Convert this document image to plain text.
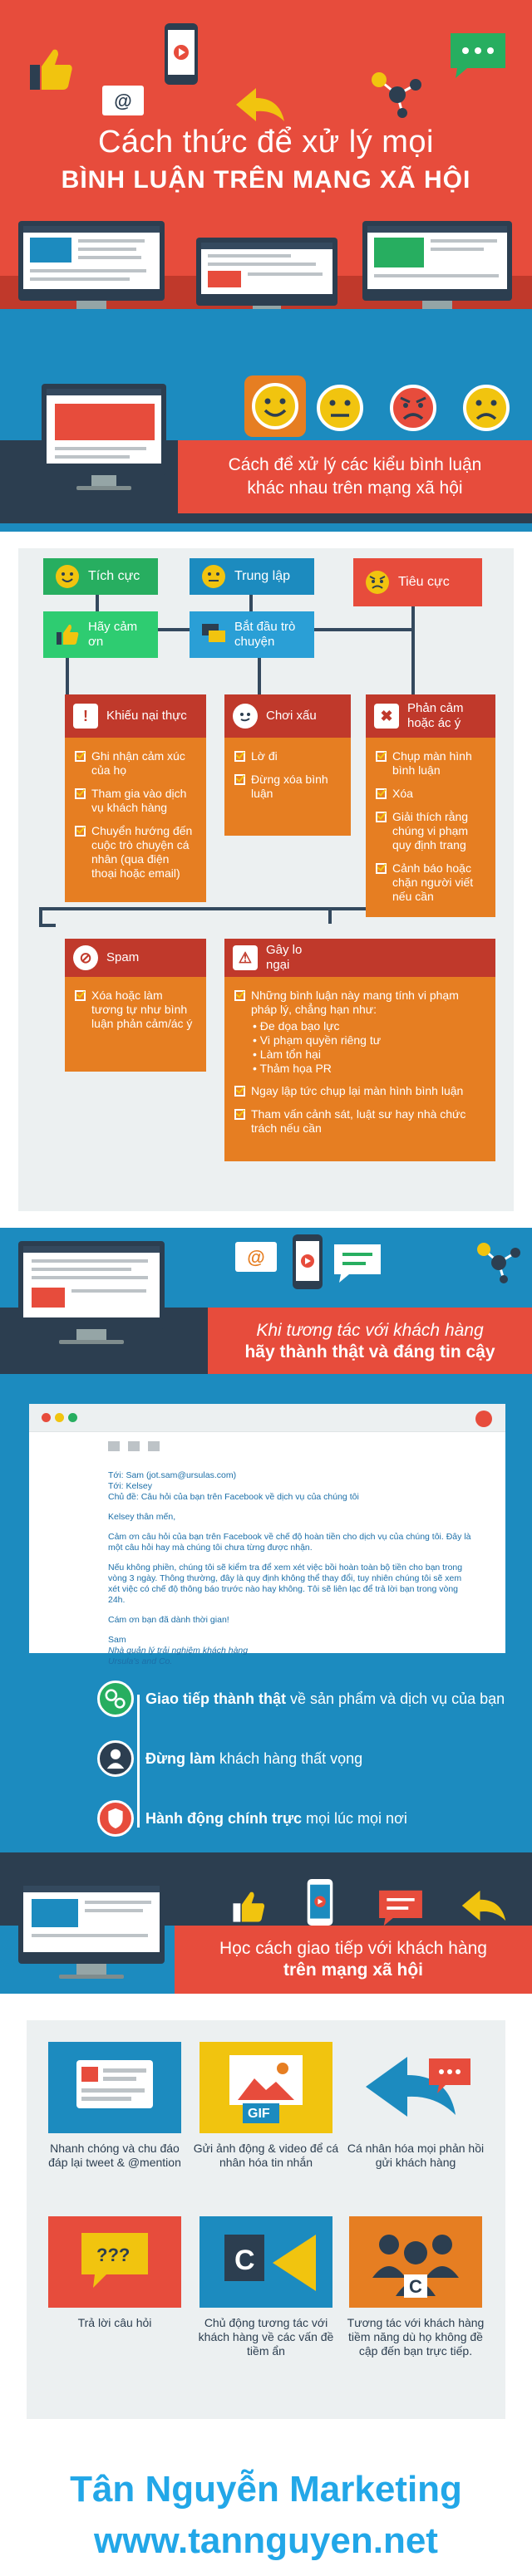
@
Cách thức để xử lý mọi
BÌNH LUẬN TRÊN MẠNG XÃ HỘI
Cách để xử lý các kiểu bình luận
khác nhau trên mạng xã hội
Tích cực
Hãy cảm ơn
Trung lập
Bắt đầu trò chuyện
Tiêu cực
!	Khiếu nại thực
Ghi nhận cảm xúc của họ
Tham gia vào dịch vụ khách hàng
Chuyển hướng đến cuộc trò chuyện cá nhân (qua điện thoại hoặc email)
Chơi xấu
Lờ đi
Đừng xóa bình luận
✖	Phản cảm hoặc ác ý
Chụp màn hình bình luận
Xóa
Giải thích rằng chúng vi phạm quy định trang
Cảnh báo hoặc chặn người viết nếu cần
⊘	Spam
Xóa hoặc làm tương tự như bình luận phản cảm/ác ý
⚠	Gây lo ngại
Những bình luận này mang tính vi phạm pháp lý, chẳng hạn như:
• Đe dọa bạo lực
• Vi phạm quyền riêng tư
• Làm tổn hại
• Thảm họa PR
Ngay lập tức chụp lại màn hình bình luận
Tham vấn cảnh sát, luật sư hay nhà chức trách nếu cần
@
Khi tương tác với khách hàng
hãy thành thật và đáng tin cậy
Tới: Sam (jot.sam@ursulas.com)
Tới: Kelsey

Chủ đề: Câu hỏi của bạn trên Facebook về dịch vụ của chúng tôi

Kelsey thân mến,

Cảm ơn câu hỏi của bạn trên Facebook về chế độ hoàn tiền cho dịch vụ của chúng tôi. Đây là một câu hỏi hay mà chúng tôi chưa từng được nhận.

Nếu không phiền, chúng tôi sẽ kiểm tra để xem xét việc bồi hoàn toàn bộ tiền cho bạn trong vòng 3 ngày. Thông thường, đây là quy định không thể thay đổi, tuy nhiên chúng tôi sẽ xem xét việc có chế độ thông báo trước nào hay không. Tôi sẽ liên lạc để trả lời bạn trong vòng 24h.

Cám ơn bạn đã dành thời gian!

Sam
Nhà quản lý trải nghiệm khách hàng
Ursula's and Co.
Giao tiếp thành thật về sản phẩm và dịch vụ của bạn
Đừng làm khách hàng thất vọng
Hành động chính trực mọi lúc mọi nơi
Học cách giao tiếp với khách hàng
trên mạng xã hội
Nhanh chóng và chu đáo đáp lại tweet & @mention
GIF
Gửi ảnh động & video để cá nhân hóa tin nhắn
Cá nhân hóa mọi phản hồi gửi khách hàng
???
Trả lời câu hỏi
C
Chủ động tương tác với khách hàng về các vấn đề tiềm ẩn
C
Tương tác với khách hàng tiềm năng dù họ không đề cập đến bạn trực tiếp.
Tân Nguyễn Marketing
www.tannguyen.net
